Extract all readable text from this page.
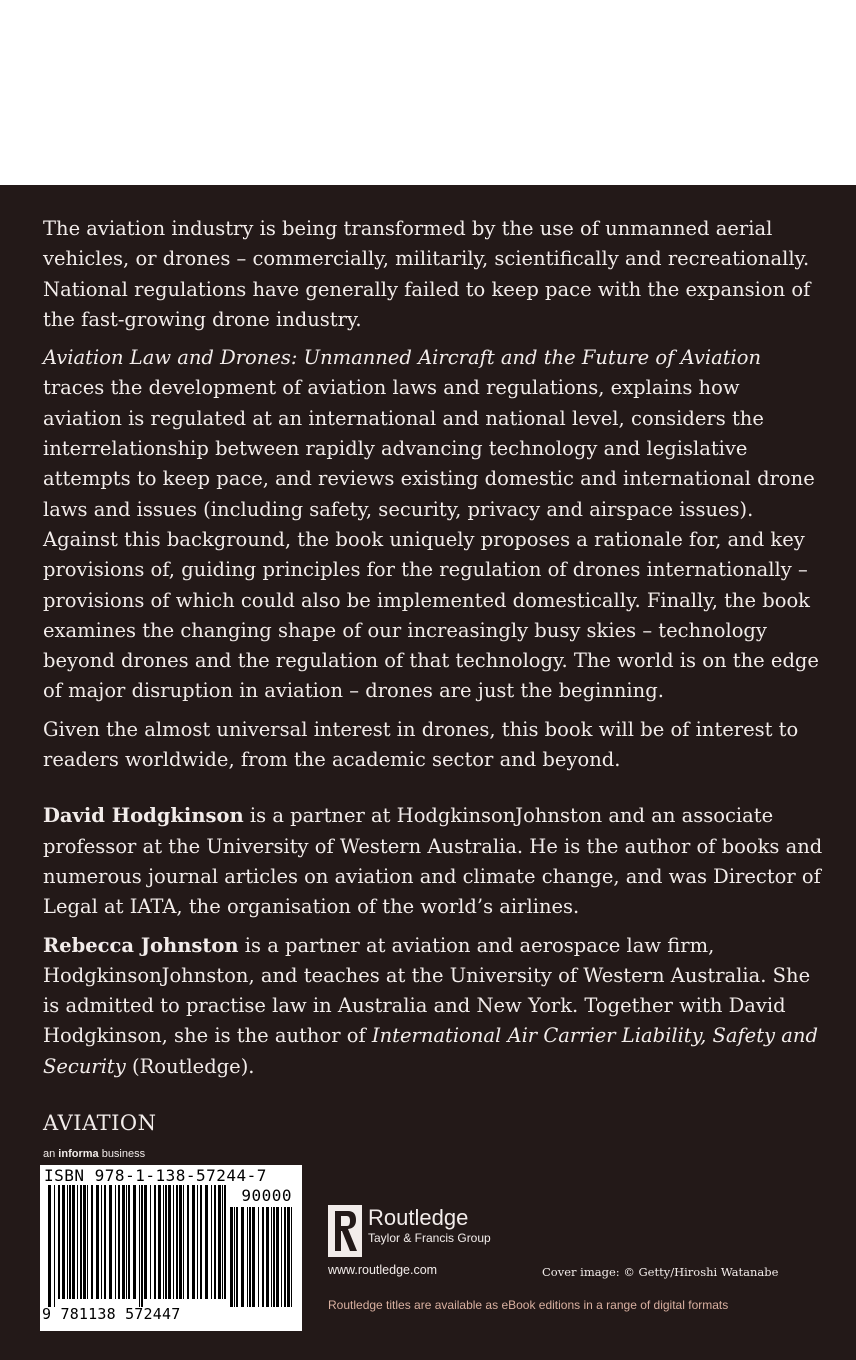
The aviation industry is being transformed by the use of unmanned aerial vehicles, or drones – commercially, militarily, scientifically and recreationally. National regulations have generally failed to keep pace with the expansion of the fast-growing drone industry.

Aviation Law and Drones: Unmanned Aircraft and the Future of Aviation traces the development of aviation laws and regulations, explains how aviation is regulated at an international and national level, considers the interrelationship between rapidly advancing technology and legislative attempts to keep pace, and reviews existing domestic and international drone laws and issues (including safety, security, privacy and airspace issues). Against this background, the book uniquely proposes a rationale for, and key provisions of, guiding principles for the regulation of drones internationally – provisions of which could also be implemented domestically. Finally, the book examines the changing shape of our increasingly busy skies – technology beyond drones and the regulation of that technology. The world is on the edge of major disruption in aviation – drones are just the beginning.

Given the almost universal interest in drones, this book will be of interest to readers worldwide, from the academic sector and beyond.

David Hodgkinson is a partner at HodgkinsonJohnston and an associate professor at the University of Western Australia. He is the author of books and numerous journal articles on aviation and climate change, and was Director of Legal at IATA, the organisation of the world’s airlines.

Rebecca Johnston is a partner at aviation and aerospace law firm, HodgkinsonJohnston, and teaches at the University of Western Australia. She is admitted to practise law in Australia and New York. Together with David Hodgkinson, she is the author of International Air Carrier Liability, Safety and Security (Routledge).

AVIATION
an informa business
ISBN 978-1-138-57244-7
90000
9 781138 572447
Routledge
Taylor & Francis Group
www.routledge.com	Cover image: © Getty/Hiroshi Watanabe
Routledge titles are available as eBook editions in a range of digital formats
